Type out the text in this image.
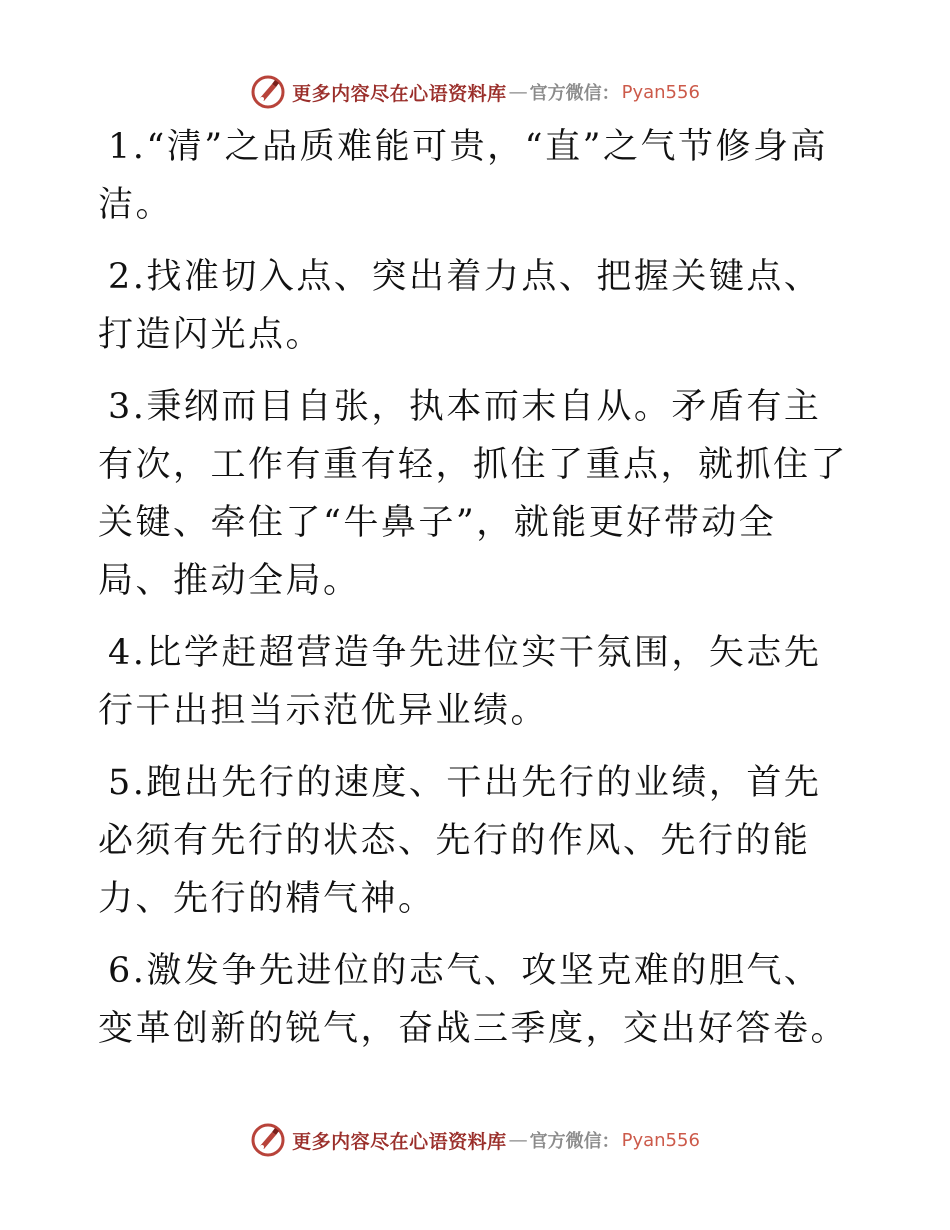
更多内容尽在心语资料库 — 官方微信： Pyan556

1.“清”之品质难能可贵，“直”之气节修身高洁。

2.找准切入点、突出着力点、把握关键点、打造闪光点。

3.秉纲而目自张，执本而末自从。矛盾有主有次，工作有重有轻，抓住了重点，就抓住了关键、牵住了“牛鼻子”，就能更好带动全局、推动全局。

4.比学赶超营造争先进位实干氛围，矢志先行干出担当示范优异业绩。

5.跑出先行的速度、干出先行的业绩，首先必须有先行的状态、先行的作风、先行的能力、先行的精气神。

6.激发争先进位的志气、攻坚克难的胆气、变革创新的锐气，奋战三季度，交出好答卷。

更多内容尽在心语资料库 — 官方微信： Pyan556
